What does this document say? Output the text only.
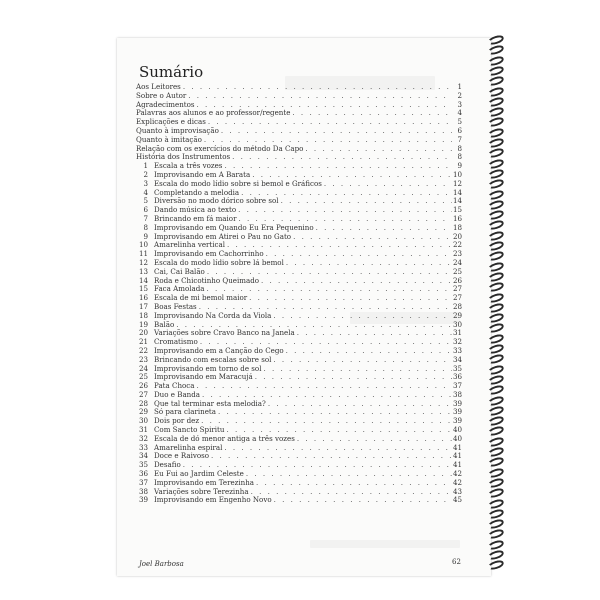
Sumário
Aos Leitores . . .	1
Sobre o Autor . . .	2
Agradecimentos . . .	3
Palavras aos alunos e ao professor/regente . . .	4
Explicações e dicas . . .	5
Quanto à improvisação . . .	6
Quanto à imitação . . .	7
Relação com os exercícios do método Da Capo . . .	8
História dos Instrumentos . . .	8
1 Escala a três vozes . . .	9
2 Improvisando em A Barata . . .	10
3 Escala do modo lídio sobre si bemol e Gráficos . . .	12
4 Completando a melodia . . .	14
5 Diversão no modo dórico sobre sol . . .	14
6 Dando música ao texto . . .	15
7 Brincando em fá maior . . .	16
8 Improvisando em Quando Eu Era Pequenino . . .	18
9 Improvisando em Atirei o Pau no Gato . . .	20
10 Amarelinha vertical . . .	22
11 Improvisando em Cachorrinho . . .	23
12 Escala do modo lídio sobre lá bemol . . .	24
13 Cai, Cai Balão . . .	25
14 Roda e Chicotinho Queimado . . .	26
15 Faca Amolada . . .	27
16 Escala de mi bemol maior . . .	27
17 Boas Festas . . .	28
18 Improvisando Na Corda da Viola . . .	29
19 Balão . . .	30
20 Variações sobre Cravo Banco na Janela . . .	31
21 Cromatismo . . .	32
22 Improvisando em a Canção do Cego . . .	33
23 Brincando com escalas sobre sol . . .	34
24 Improvisando em torno de sol . . .	35
25 Improvisando em Maracujá . . .	36
26 Pata Choca . . .	37
27 Duo e Banda . . .	38
28 Que tal terminar esta melodia? . . .	39
29 Só para clarineta . . .	39
30 Dois por dez . . .	39
31 Com Sancto Spiritu . . .	40
32 Escala de dó menor antiga a três vozes . . .	40
33 Amarelinha espiral . . .	41
34 Doce e Raivoso . . .	41
35 Desafio . . .	41
36 Eu Fui ao Jardim Celeste . . .	42
37 Improvisando em Terezinha . . .	42
38 Variações sobre Terezinha . . .	43
39 Improvisando em Engenho Novo . . .	45
Joel Barbosa	62
